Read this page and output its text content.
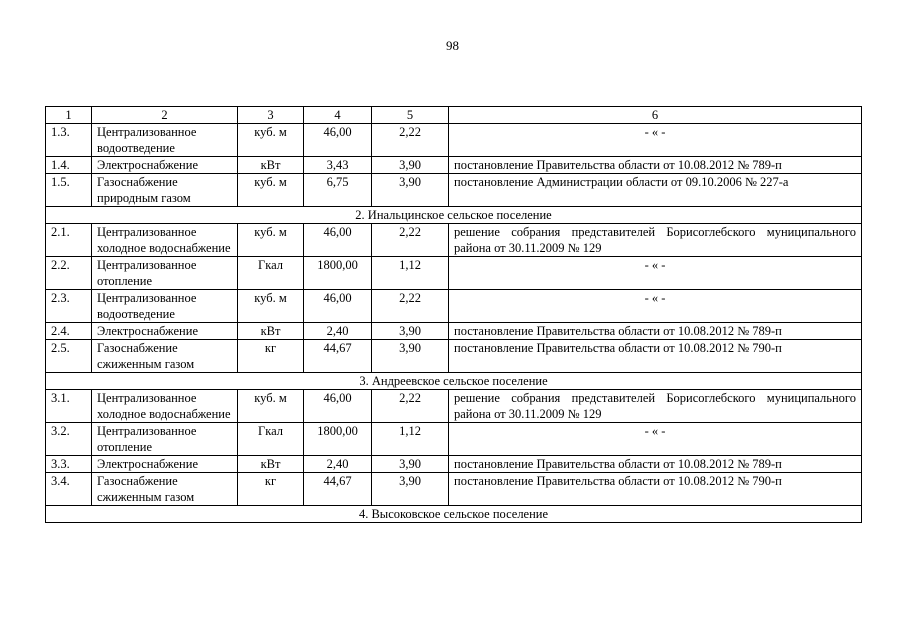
98
1	2	3	4	5	6
1.3.	Централизованное водоотведение	куб. м	46,00	2,22	- « -
1.4.	Электроснабжение	кВт	3,43	3,90	постановление Правительства области от 10.08.2012 № 789-п
1.5.	Газоснабжение природным газом	куб. м	6,75	3,90	постановление Администрации области от 09.10.2006 № 227-а
2. Инальцинское сельское поселение					
2.1.	Централизованное холодное водоснабжение	куб. м	46,00	2,22	решение собрания представителей Борисоглебского муниципального района от 30.11.2009 № 129
2.2.	Централизованное отопление	Гкал	1800,00	1,12	- « -
2.3.	Централизованное водоотведение	куб. м	46,00	2,22	- « -
2.4.	Электроснабжение	кВт	2,40	3,90	постановление Правительства области от 10.08.2012 № 789-п
2.5.	Газоснабжение сжиженным газом	кг	44,67	3,90	постановление Правительства области от 10.08.2012 № 790-п
3. Андреевское сельское поселение					
3.1.	Централизованное холодное водоснабжение	куб. м	46,00	2,22	решение собрания представителей Борисоглебского муниципального района от 30.11.2009 № 129
3.2.	Централизованное отопление	Гкал	1800,00	1,12	- « -
3.3.	Электроснабжение	кВт	2,40	3,90	постановление Правительства области от 10.08.2012 № 789-п
3.4.	Газоснабжение сжиженным газом	кг	44,67	3,90	постановление Правительства области от 10.08.2012 № 790-п
4. Высоковское сельское поселение					
